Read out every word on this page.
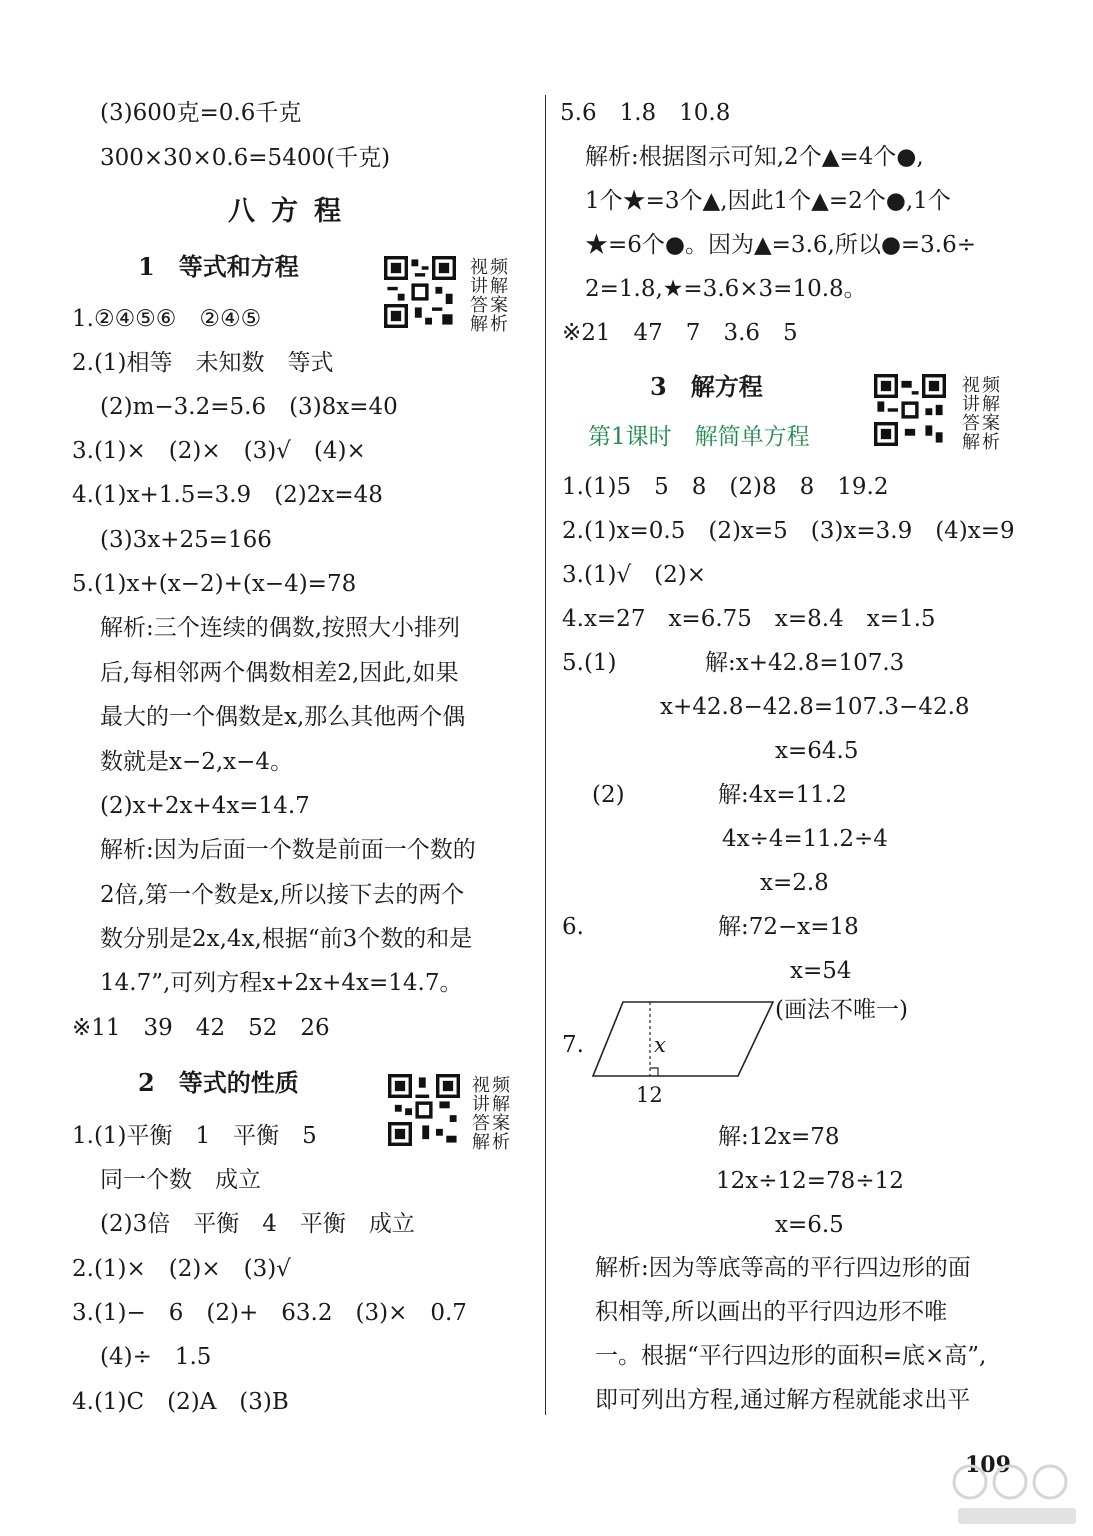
(3)600克=0.6千克
300×30×0.6=5400(千克)
八方程
1　等式和方程
1.②④⑤⑥　②④⑤
2.(1)相等　未知数　等式
(2)m−3.2=5.6　(3)8x=40
3.(1)×　(2)×　(3)√　(4)×
4.(1)x+1.5=3.9　(2)2x=48
(3)3x+25=166
5.(1)x+(x−2)+(x−4)=78
解析:三个连续的偶数,按照大小排列
后,每相邻两个偶数相差2,因此,如果
最大的一个偶数是x,那么其他两个偶
数就是x−2,x−4。
(2)x+2x+4x=14.7
解析:因为后面一个数是前面一个数的
2倍,第一个数是x,所以接下去的两个
数分别是2x,4x,根据“前3个数的和是
14.7”,可列方程x+2x+4x=14.7。
※11　39　42　52　26
2　等式的性质
1.(1)平衡　1　平衡　5
同一个数　成立
(2)3倍　平衡　4　平衡　成立
2.(1)×　(2)×　(3)√
3.(1)−　6　(2)+　63.2　(3)×　0.7
(4)÷　1.5
4.(1)C　(2)A　(3)B
视频讲解答案解析
视频讲解答案解析
5.6　1.8　10.8
解析:根据图示可知,2个▲=4个●,
1个★=3个▲,因此1个▲=2个●,1个
★=6个●。因为▲=3.6,所以●=3.6÷
2=1.8,★=3.6×3=10.8。
※21　47　7　3.6　5
3　解方程
第1课时　解简单方程
1.(1)5　5　8　(2)8　8　19.2
2.(1)x=0.5　(2)x=5　(3)x=3.9　(4)x=9
3.(1)√　(2)×
4.x=27　x=6.75　x=8.4　x=1.5
5.(1)	解:x+42.8=107.3
x+42.8−42.8=107.3−42.8
x=64.5
(2)	解:4x=11.2
4x÷4=11.2÷4
x=2.8
6.	解:72−x=18
x=54
7.
(画法不唯一)
x
12
解:12x=78
12x÷12=78÷12
x=6.5
解析:因为等底等高的平行四边形的面
积相等,所以画出的平行四边形不唯
一。根据“平行四边形的面积=底×高”,
即可列出方程,通过解方程就能求出平
视频讲解答案解析
109
